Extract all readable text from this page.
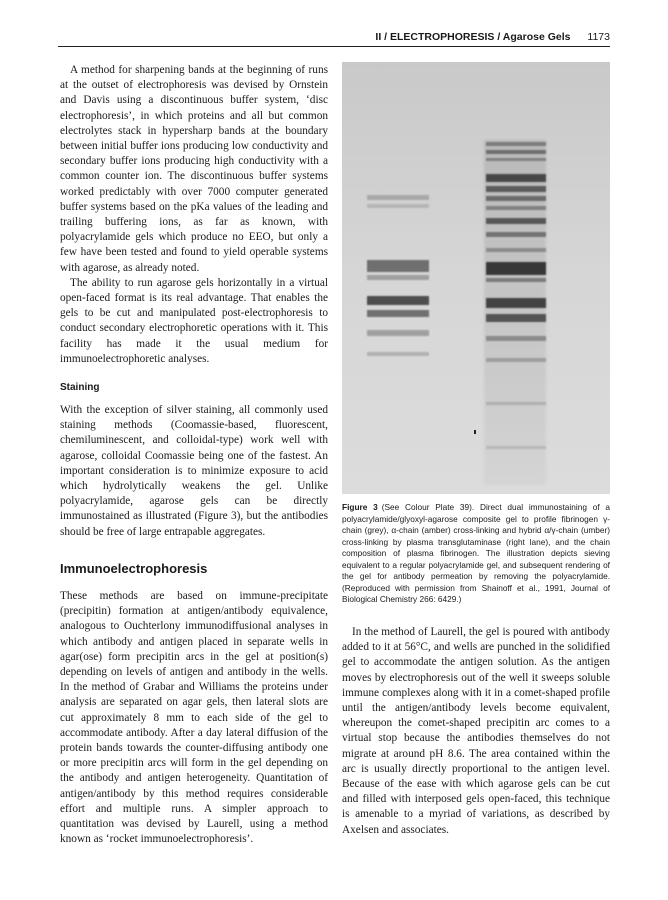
II / ELECTROPHORESIS / Agarose Gels 1173

A method for sharpening bands at the beginning of runs at the outset of electrophoresis was devised by Ornstein and Davis using a discontinuous buffer system, ‘disc electrophoresis’, in which proteins and all but common electrolytes stack in hypersharp bands at the boundary between initial buffer ions producing low conductivity and secondary buffer ions producing high conductivity with a common counter ion. The discontinuous buffer systems worked predictably with over 7000 computer generated buffer systems based on the pKa values of the leading and trailing buffering ions, as far as known, with polyacrylamide gels which produce no EEO, but only a few have been tested and found to yield operable systems with agarose, as already noted.

The ability to run agarose gels horizontally in a virtual open-faced format is its real advantage. That enables the gels to be cut and manipulated post-electrophoresis to conduct secondary electrophoretic operations with it. This facility has made it the usual medium for immunoelectrophoretic analyses.

Staining

With the exception of silver staining, all commonly used staining methods (Coomassie-based, fluorescent, chemiluminescent, and colloidal-type) work well with agarose, colloidal Coomassie being one of the fastest. An important consideration is to minimize exposure to acid which hydrolytically weakens the gel. Unlike polyacrylamide, agarose gels can be directly immunostained as illustrated (Figure 3), but the antibodies should be free of large entrapable aggregates.

Immunoelectrophoresis

These methods are based on immune-precipitate (precipitin) formation at antigen/antibody equivalence, analogous to Ouchterlony immunodiffusional analyses in which antibody and antigen placed in separate wells in agar(ose) form precipitin arcs in the gel at position(s) depending on levels of antigen and antibody in the wells. In the method of Grabar and Williams the proteins under analysis are separated on agar gels, then lateral slots are cut approximately 8 mm to each side of the gel to accommodate antibody. After a day lateral diffusion of the protein bands towards the counter-diffusing antibody one or more precipitin arcs will form in the gel depending on the antibody and antigen heterogeneity. Quantitation of antigen/antibody by this method requires considerable effort and multiple runs. A simpler approach to quantitation was devised by Laurell, using a method known as ‘rocket immunoelectrophoresis’.

Figure 3 (See Colour Plate 39). Direct dual immunostaining of a polyacrylamide/glyoxyl-agarose composite gel to profile fibrinogen γ-chain (grey), α-chain (amber) cross-linking and hybrid α/γ-chain (umber) cross-linking by plasma transglutaminase (right lane), and the chain composition of plasma fibrinogen. The illustration depicts sieving equivalent to a regular polyacrylamide gel, and subsequent rendering of the gel for antibody permeation by removing the polyacrylamide. (Reproduced with permission from Shainoff et al., 1991, Journal of Biological Chemistry 266: 6429.)

In the method of Laurell, the gel is poured with antibody added to it at 56°C, and wells are punched in the solidified gel to accommodate the antigen solution. As the antigen moves by electrophoresis out of the well it sweeps soluble immune complexes along with it in a comet-shaped profile until the antigen/antibody levels become equivalent, whereupon the comet-shaped precipitin arc comes to a virtual stop because the antibodies themselves do not migrate at around pH 8.6. The area contained within the arc is usually directly proportional to the antigen level. Because of the ease with which agarose gels can be cut and filled with interposed gels open-faced, this technique is amenable to a myriad of variations, as described by Axelsen and associates.
